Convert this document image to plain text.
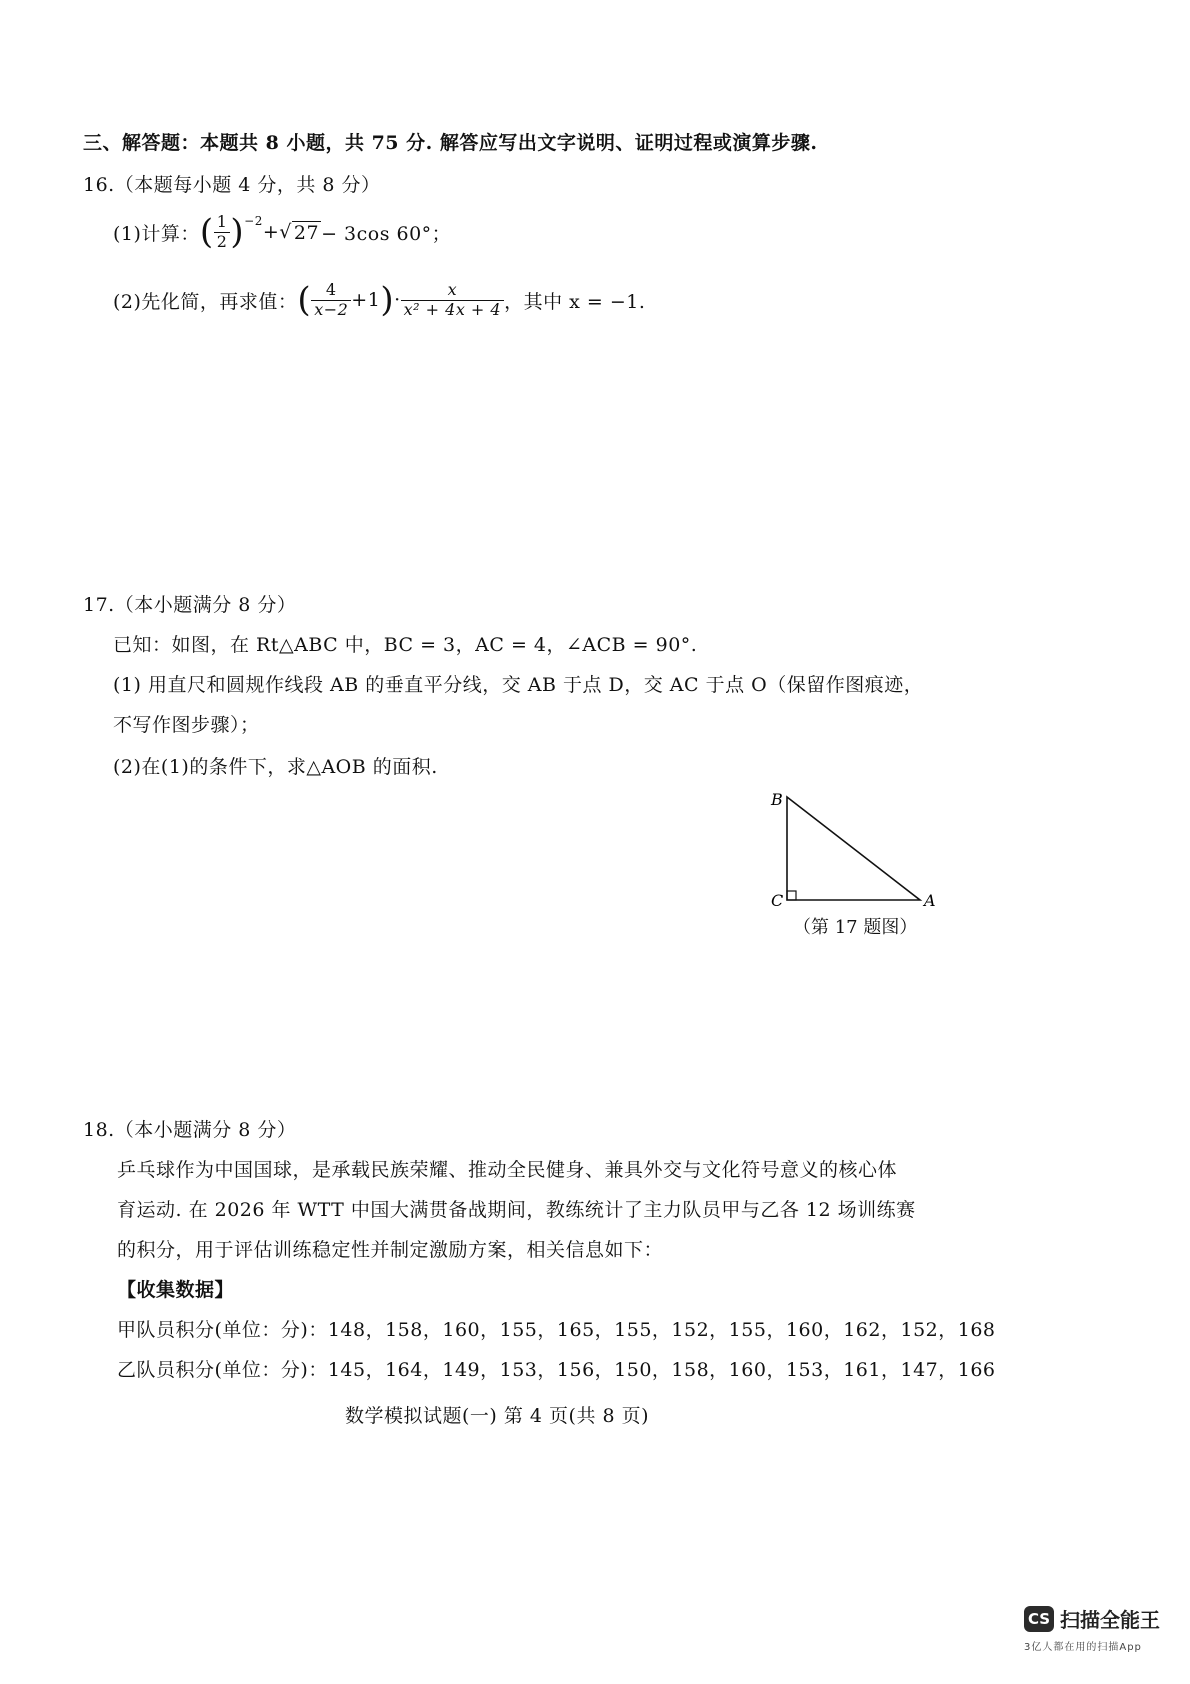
三、解答题：本题共 8 小题，共 75 分. 解答应写出文字说明、证明过程或演算步骤.
16.（本题每小题 4 分，共 8 分）
(1)计算： ( $\frac{1}{2}$ ) −2 + √ 27 − 3cos 60°；
(2)先化简，再求值： ( $\frac{4}{x-2} +1$ ) · $\frac{x}{\text{x² + 4x + 4}}$ ，其中 x = −1.
17.（本小题满分 8 分）
已知：如图，在 Rt△ABC 中，BC = 3，AC = 4，∠ACB = 90°.
(1) 用直尺和圆规作线段 AB 的垂直平分线，交 AB 于点 D，交 AC 于点 O（保留作图痕迹，
不写作图步骤）；
(2)在(1)的条件下，求△AOB 的面积.
B
C	A
（第 17 题图）
18.（本小题满分 8 分）
乒乓球作为中国国球，是承载民族荣耀、推动全民健身、兼具外交与文化符号意义的核心体
育运动. 在 2026 年 WTT 中国大满贯备战期间，教练统计了主力队员甲与乙各 12 场训练赛
的积分，用于评估训练稳定性并制定激励方案，相关信息如下：
【收集数据】
甲队员积分(单位：分)：148，158，160，155，165，155，152，155，160，162，152，168
乙队员积分(单位：分)：145，164，149，153，156，150，158，160，153，161，147，166
数学模拟试题(一) 第 4 页(共 8 页)
CS 扫描全能王
3亿人都在用的扫描App
